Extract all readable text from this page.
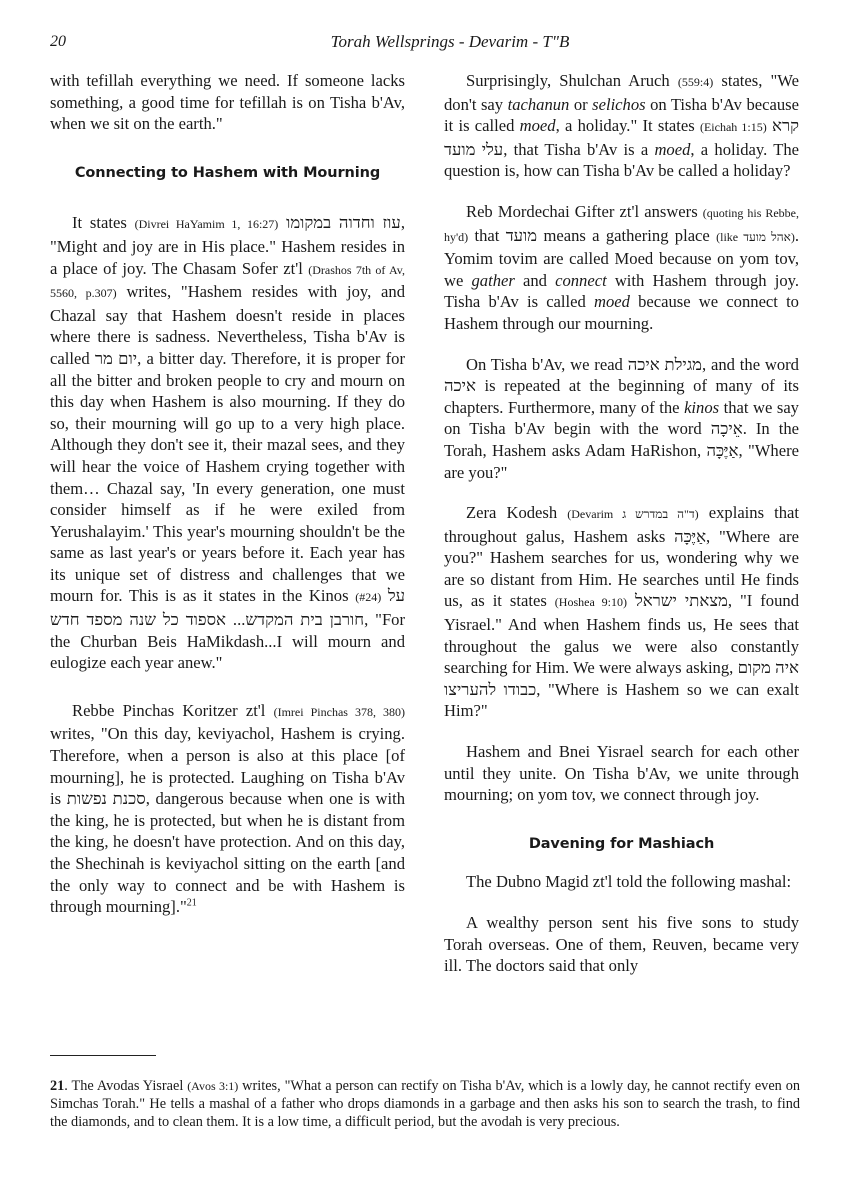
20	Torah Wellsprings - Devarim - T"B

with tefillah everything we need. If someone lacks something, a good time for tefillah is on Tisha b'Av, when we sit on the earth."

Connecting to Hashem with Mourning

It states (Divrei HaYamim 1, 16:27) עוז וחדוה במקומו, "Might and joy are in His place." Hashem resides in a place of joy. The Chasam Sofer zt'l (Drashos 7th of Av, 5560, p.307) writes, "Hashem resides with joy, and Chazal say that Hashem doesn't reside in places where there is sadness. Nevertheless, Tisha b'Av is called יום מר, a bitter day. Therefore, it is proper for all the bitter and broken people to cry and mourn on this day when Hashem is also mourning. If they do so, their mourning will go up to a very high place. Although they don't see it, their mazal sees, and they will hear the voice of Hashem crying together with them… Chazal say, 'In every generation, one must consider himself as if he were exiled from Yerushalayim.' This year's mourning shouldn't be the same as last year's or years before it. Each year has its unique set of distress and challenges that we mourn for. This is as it states in the Kinos (#24) על חורבן בית המקדש... אספוד כל שנה מספד חדש, "For the Churban Beis HaMikdash...I will mourn and eulogize each year anew."

Rebbe Pinchas Koritzer zt'l (Imrei Pinchas 378, 380) writes, "On this day, keviyachol, Hashem is crying. Therefore, when a person is also at this place [of mourning], he is protected. Laughing on Tisha b'Av is סכנת נפשות, dangerous because when one is with the king, he is protected, but when he is distant from the king, he doesn't have protection. And on this day, the Shechinah is keviyachol sitting on the earth [and the only way to connect and be with Hashem is through mourning]."$^{21}$

Surprisingly, Shulchan Aruch (559:4) states, "We don't say tachanun or selichos on Tisha b'Av because it is called moed, a holiday." It states (Eichah 1:15) קרא עלי מועד, that Tisha b'Av is a moed, a holiday. The question is, how can Tisha b'Av be called a holiday?

Reb Mordechai Gifter zt'l answers (quoting his Rebbe, hy'd) that מועד means a gathering place (like אהל מועד). Yomim tovim are called Moed because on yom tov, we gather and connect with Hashem through joy. Tisha b'Av is called moed because we connect to Hashem through our mourning.

On Tisha b'Av, we read מגילת איכה, and the word איכה is repeated at the beginning of many of its chapters. Furthermore, many of the kinos that we say on Tisha b'Av begin with the word אֵיכָה. In the Torah, Hashem asks Adam HaRishon, אַיֶּכָּה, "Where are you?"

Zera Kodesh (Devarim ד"ה במדרש ג) explains that throughout galus, Hashem asks אַיֶּכָּה, "Where are you?" Hashem searches for us, wondering why we are so distant from Him. He searches until He finds us, as it states (Hoshea 9:10) מצאתי ישראל, "I found Yisrael." And when Hashem finds us, He sees that throughout the galus we were also constantly searching for Him. We were always asking, איה מקום כבודו להעריצו, "Where is Hashem so we can exalt Him?"

Hashem and Bnei Yisrael search for each other until they unite. On Tisha b'Av, we unite through mourning; on yom tov, we connect through joy.

Davening for Mashiach

The Dubno Magid zt'l told the following mashal:

A wealthy person sent his five sons to study Torah overseas. One of them, Reuven, became very ill. The doctors said that only

21. The Avodas Yisrael (Avos 3:1) writes, "What a person can rectify on Tisha b'Av, which is a lowly day, he cannot rectify even on Simchas Torah." He tells a mashal of a father who drops diamonds in a garbage and then asks his son to search the trash, to find the diamonds, and to clean them. It is a low time, a difficult period, but the avodah is very precious.
